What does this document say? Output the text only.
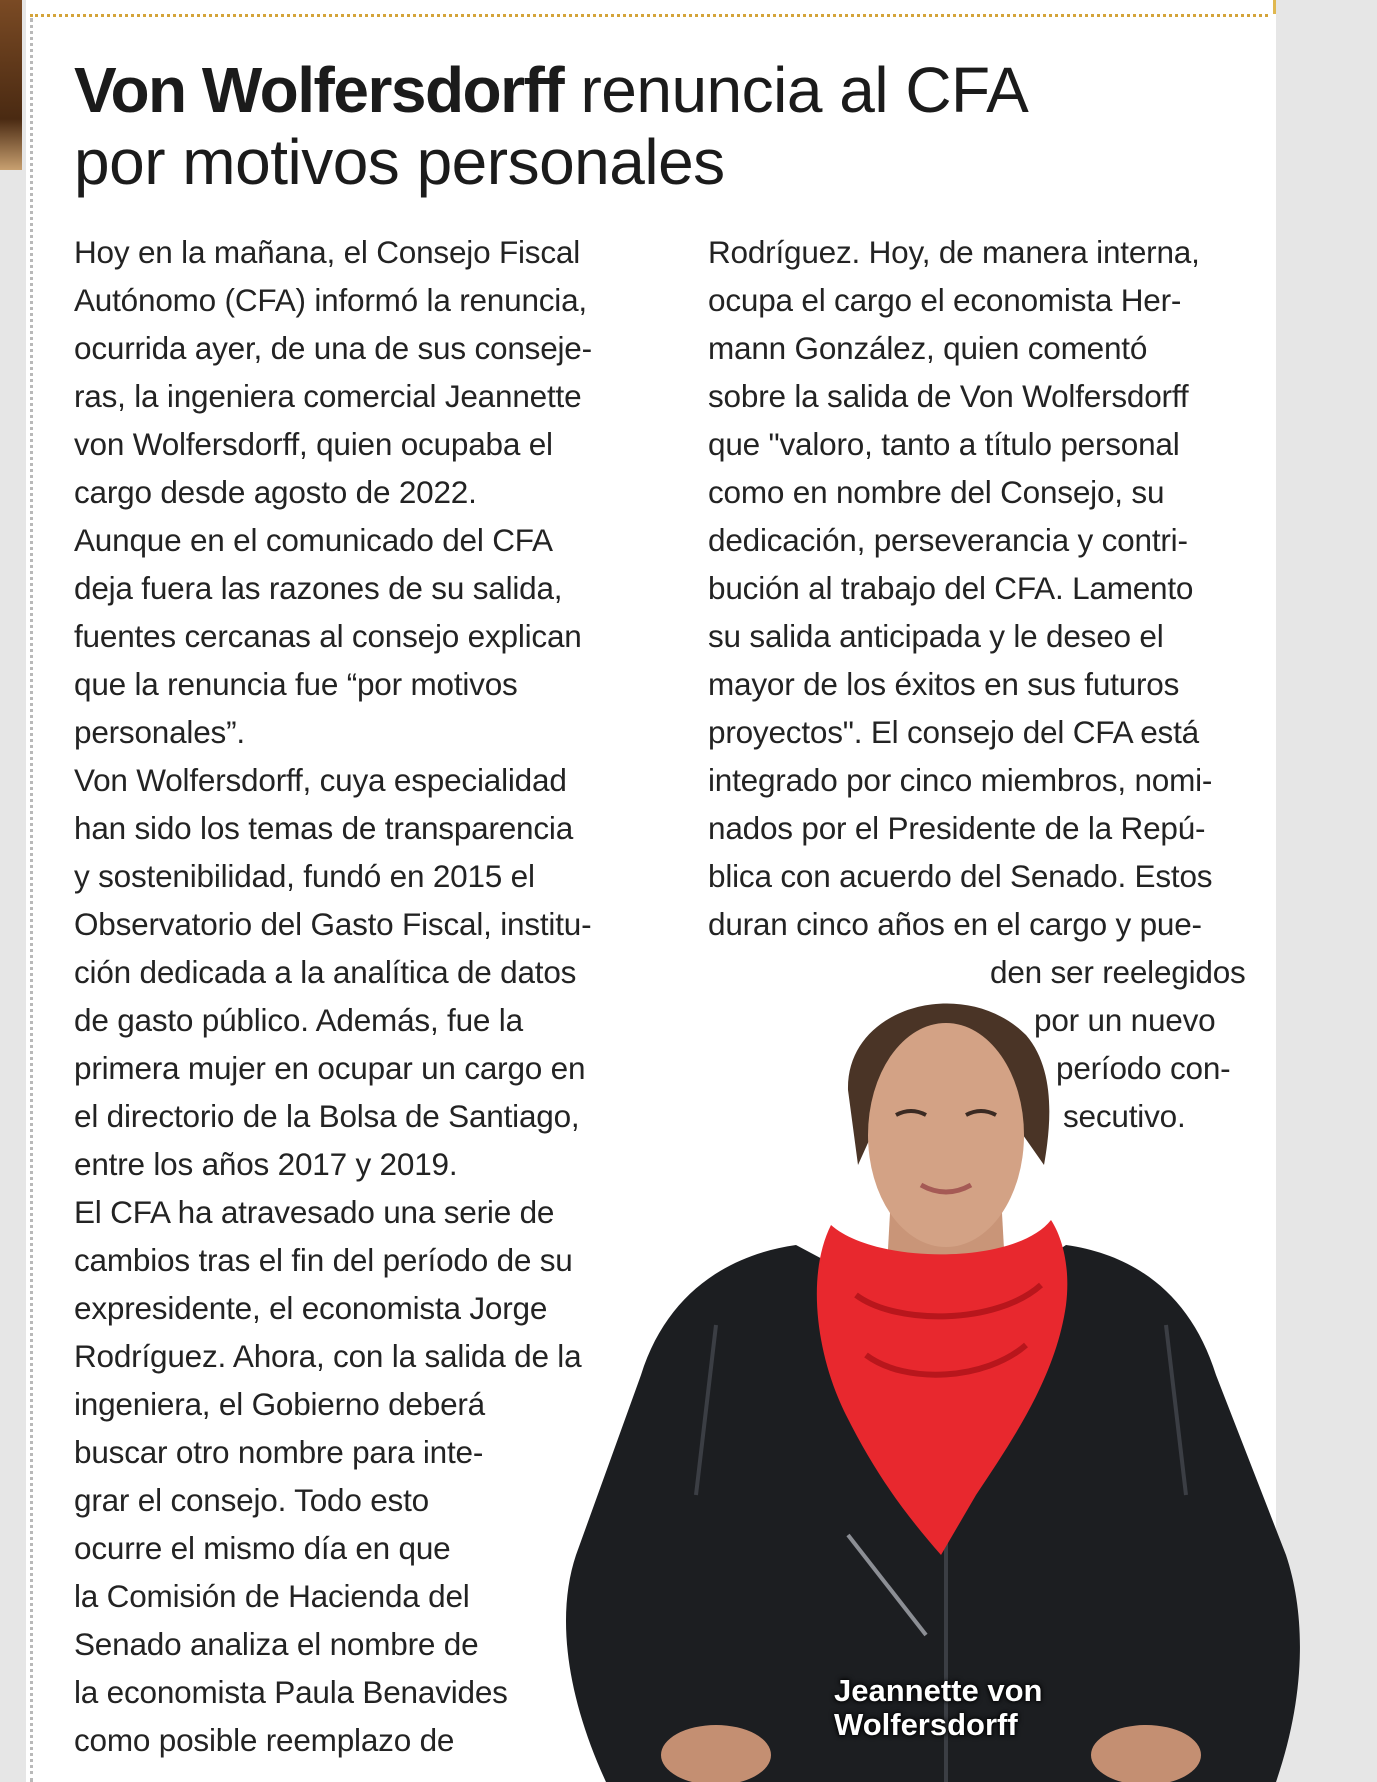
Von Wolfersdorff renuncia al CFA
por motivos personales
Hoy en la mañana, el Consejo Fiscal
Autónomo (CFA) informó la renuncia,
ocurrida ayer, de una de sus conseje-
ras, la ingeniera comercial Jeannette
von Wolfersdorff, quien ocupaba el
cargo desde agosto de 2022.
Aunque en el comunicado del CFA
deja fuera las razones de su salida,
fuentes cercanas al consejo explican
que la renuncia fue “por motivos
personales”.
Von Wolfersdorff, cuya especialidad
han sido los temas de transparencia
y sostenibilidad, fundó en 2015 el
Observatorio del Gasto Fiscal, institu-
ción dedicada a la analítica de datos
de gasto público. Además, fue la
primera mujer en ocupar un cargo en
el directorio de la Bolsa de Santiago,
entre los años 2017 y 2019.
El CFA ha atravesado una serie de
cambios tras el fin del período de su
expresidente, el economista Jorge
Rodríguez. Ahora, con la salida de la
ingeniera, el Gobierno deberá
buscar otro nombre para inte-
grar el consejo. Todo esto
ocurre el mismo día en que
la Comisión de Hacienda del
Senado analiza el nombre de
la economista Paula Benavides
como posible reemplazo de
Rodríguez. Hoy, de manera interna,
ocupa el cargo el economista Her-
mann González, quien comentó
sobre la salida de Von Wolfersdorff
que "valoro, tanto a título personal
como en nombre del Consejo, su
dedicación, perseverancia y contri-
bución al trabajo del CFA. Lamento
su salida anticipada y le deseo el
mayor de los éxitos en sus futuros
proyectos". El consejo del CFA está
integrado por cinco miembros, nomi-
nados por el Presidente de la Repú-
blica con acuerdo del Senado. Estos
duran cinco años en el cargo y pue-
den ser reelegidos
por un nuevo
período con-
secutivo.
Jeannette von
Wolfersdorff
